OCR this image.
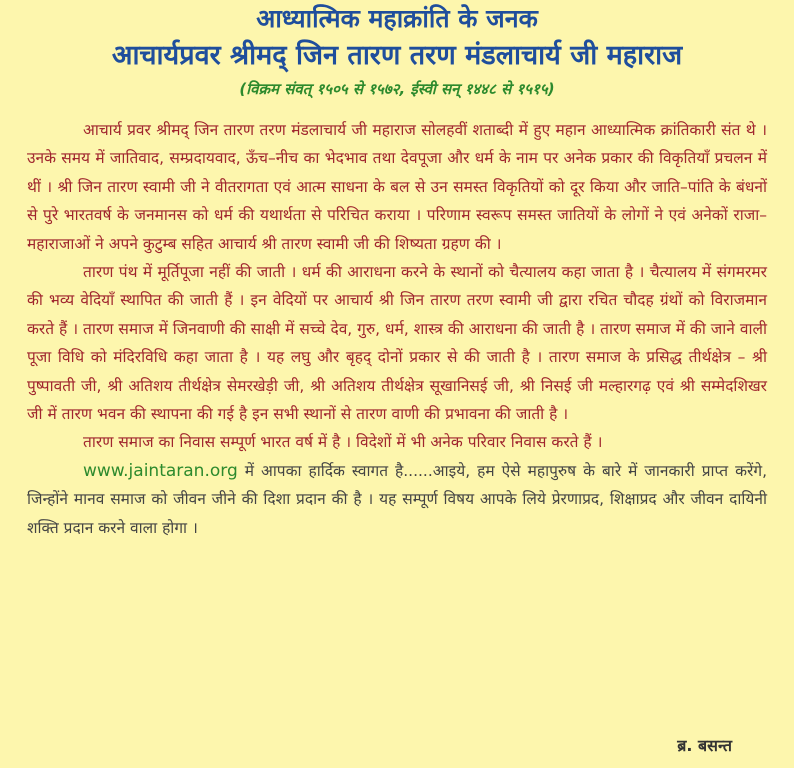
आध्यात्मिक महाक्रांति के जनक
आचार्यप्रवर श्रीमद् जिन तारण तरण मंडलाचार्य जी महाराज
(विक्रम संवत् १५०५ से १५७२, ईस्वी सन् १४४८ से १५१५)

आचार्य प्रवर श्रीमद् जिन तारण तरण मंडलाचार्य जी महाराज सोलहवीं शताब्दी में हुए महान आध्यात्मिक क्रांतिकारी संत थे । उनके समय में जातिवाद, सम्प्रदायवाद, ऊँच–नीच का भेदभाव तथा देवपूजा और धर्म के नाम पर अनेक प्रकार की विकृतियाँ प्रचलन में थीं । श्री जिन तारण स्वामी जी ने वीतरागता एवं आत्म साधना के बल से उन समस्त विकृतियों को दूर किया और जाति–पांति के बंधनों से पुरे भारतवर्ष के जनमानस को धर्म की यथार्थता से परिचित कराया । परिणाम स्वरूप समस्त जातियों के लोगों ने एवं अनेकों राजा–महाराजाओं ने अपने कुटुम्ब सहित आचार्य श्री तारण स्वामी जी की शिष्यता ग्रहण की ।

तारण पंथ में मूर्तिपूजा नहीं की जाती । धर्म की आराधना करने के स्थानों को चैत्यालय कहा जाता है । चैत्यालय में संगमरमर की भव्य वेदियाँ स्थापित की जाती हैं । इन वेदियों पर आचार्य श्री जिन तारण तरण स्वामी जी द्वारा रचित चौदह ग्रंथों को विराजमान करते हैं । तारण समाज में जिनवाणी की साक्षी में सच्चे देव, गुरु, धर्म, शास्त्र की आराधना की जाती है । तारण समाज में की जाने वाली पूजा विधि को मंदिरविधि कहा जाता है । यह लघु और बृहद् दोनों प्रकार से की जाती है । तारण समाज के प्रसिद्ध तीर्थक्षेत्र – श्री पुष्पावती जी, श्री अतिशय तीर्थक्षेत्र सेमरखेड़ी जी, श्री अतिशय तीर्थक्षेत्र सूखानिसई जी, श्री निसई जी मल्हारगढ़ एवं श्री सम्मेदशिखर जी में तारण भवन की स्थापना की गई है इन सभी स्थानों से तारण वाणी की प्रभावना की जाती है ।

तारण समाज का निवास सम्पूर्ण भारत वर्ष में है । विदेशों में भी अनेक परिवार निवास करते हैं ।

www.jaintaran.org में आपका हार्दिक स्वागत है......आइये, हम ऐसे महापुरुष के बारे में जानकारी प्राप्त करेंगे, जिन्होंने मानव समाज को जीवन जीने की दिशा प्रदान की है । यह सम्पूर्ण विषय आपके लिये प्रेरणाप्रद, शिक्षाप्रद और जीवन दायिनी शक्ति प्रदान करने वाला होगा ।

ब्र. बसन्त
